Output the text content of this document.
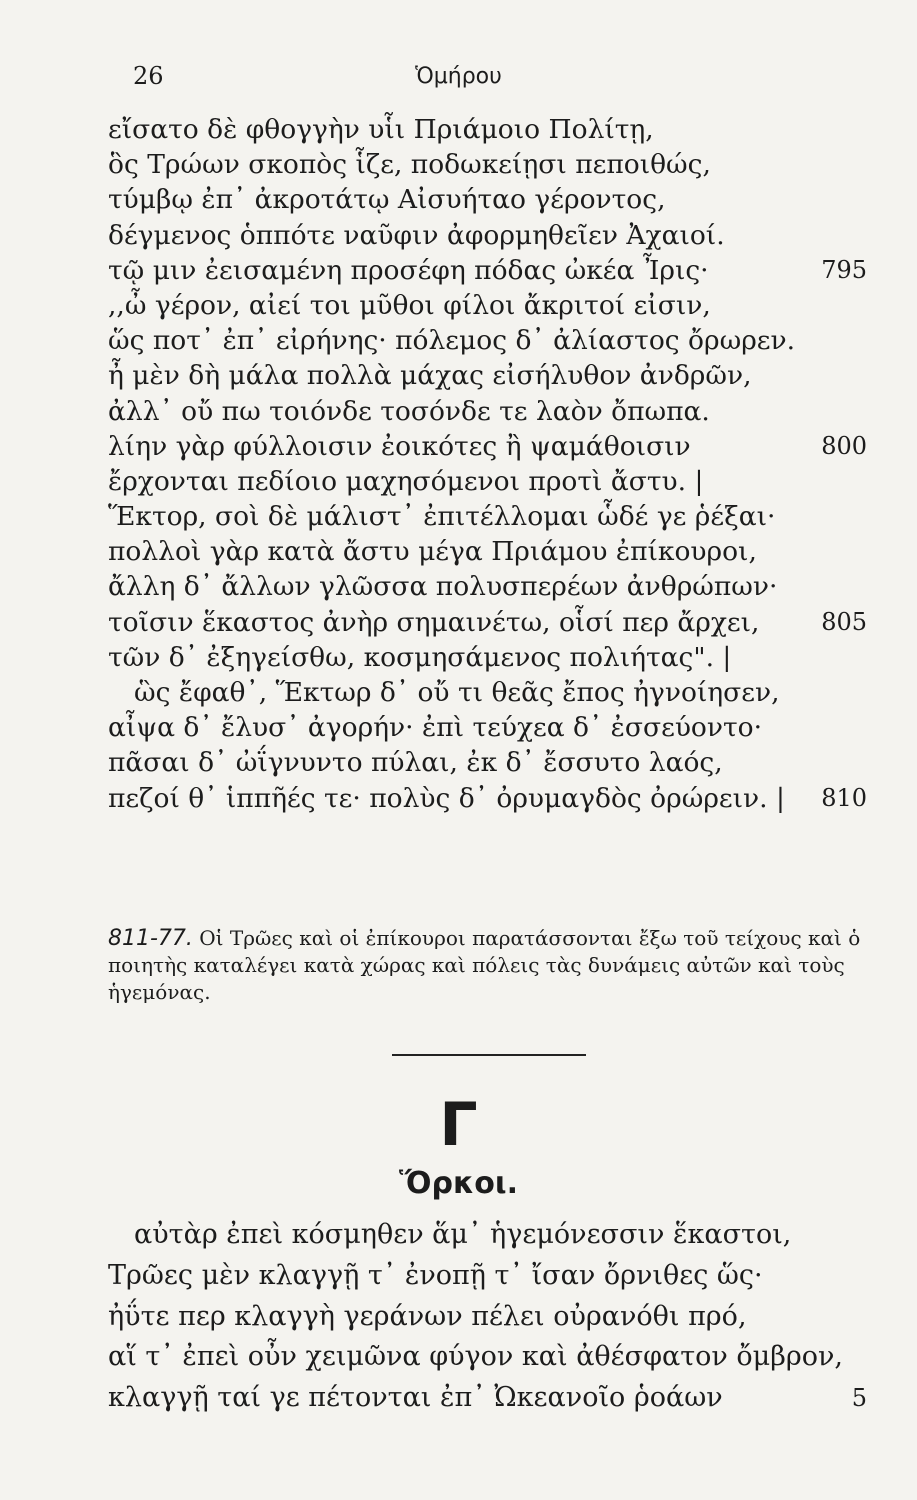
26	Ὁμήρου
εἴσατο δὲ φθογγὴν υἷι Πριάμοιο Πολίτῃ,
ὃς Τρώων σκοπὸς ἷζε, ποδωκείῃσι πεποιθώς,
τύμβῳ ἐπ᾽ ἀκροτάτῳ Αἰσυήταο γέροντος,
δέγμενος ὁππότε ναῦφιν ἀφορμηθεῖεν Ἀχαιοί.
τῷ μιν ἐεισαμένη προσέφη πόδας ὠκέα Ἶρις·	795
,,ὦ γέρον, αἰεί τοι μῦθοι φίλοι ἄκριτοί εἰσιν,
ὥς ποτ᾽ ἐπ᾽ εἰρήνης· πόλεμος δ᾽ ἀλίαστος ὄρωρεν.
ἦ μὲν δὴ μάλα πολλὰ μάχας εἰσήλυθον ἀνδρῶν,
ἀλλ᾽ οὔ πω τοιόνδε τοσόνδε τε λαὸν ὄπωπα.
λίην γὰρ φύλλοισιν ἐοικότες ἢ ψαμάθοισιν	800
ἔρχονται πεδίοιο μαχησόμενοι προτὶ ἄστυ. |
Ἕκτορ, σοὶ δὲ μάλιστ᾽ ἐπιτέλλομαι ὧδέ γε ῥέξαι·
πολλοὶ γὰρ κατὰ ἄστυ μέγα Πριάμου ἐπίκουροι,
ἄλλη δ᾽ ἄλλων γλῶσσα πολυσπερέων ἀνθρώπων·
τοῖσιν ἕκαστος ἀνὴρ σημαινέτω, οἷσί περ ἄρχει,	805
τῶν δ᾽ ἐξηγείσθω, κοσμησάμενος πολιήτας". |
ὣς ἔφαθ᾽, Ἕκτωρ δ᾽ οὔ τι θεᾶς ἔπος ἠγνοίησεν,
αἶψα δ᾽ ἔλυσ᾽ ἀγορήν· ἐπὶ τεύχεα δ᾽ ἐσσεύοντο·
πᾶσαι δ᾽ ὠΐγνυντο πύλαι, ἐκ δ᾽ ἔσσυτο λαός,
πεζοί θ᾽ ἱππῆές τε· πολὺς δ᾽ ὀρυμαγδὸς ὀρώρειν. | 810
811-77. Οἱ Τρῶες καὶ οἱ ἐπίκουροι παρατάσσονται ἔξω τοῦ τείχους καὶ ὁ ποιητὴς καταλέγει κατὰ χώρας καὶ πόλεις τὰς δυνάμεις αὐτῶν καὶ τοὺς ἡγεμόνας.
Γ
Ὅρκοι.
αὐτὰρ ἐπεὶ κόσμηθεν ἅμ᾽ ἡγεμόνεσσιν ἕκαστοι,
Τρῶες μὲν κλαγγῇ τ᾽ ἐνοπῇ τ᾽ ἴσαν ὄρνιθες ὥς·
ἠΰτε περ κλαγγὴ γεράνων πέλει οὐρανόθι πρό,
αἵ τ᾽ ἐπεὶ οὖν χειμῶνα φύγον καὶ ἀθέσφατον ὄμβρον,
κλαγγῇ ταί γε πέτονται ἐπ᾽ Ὠκεανοῖο ῥοάων	5
